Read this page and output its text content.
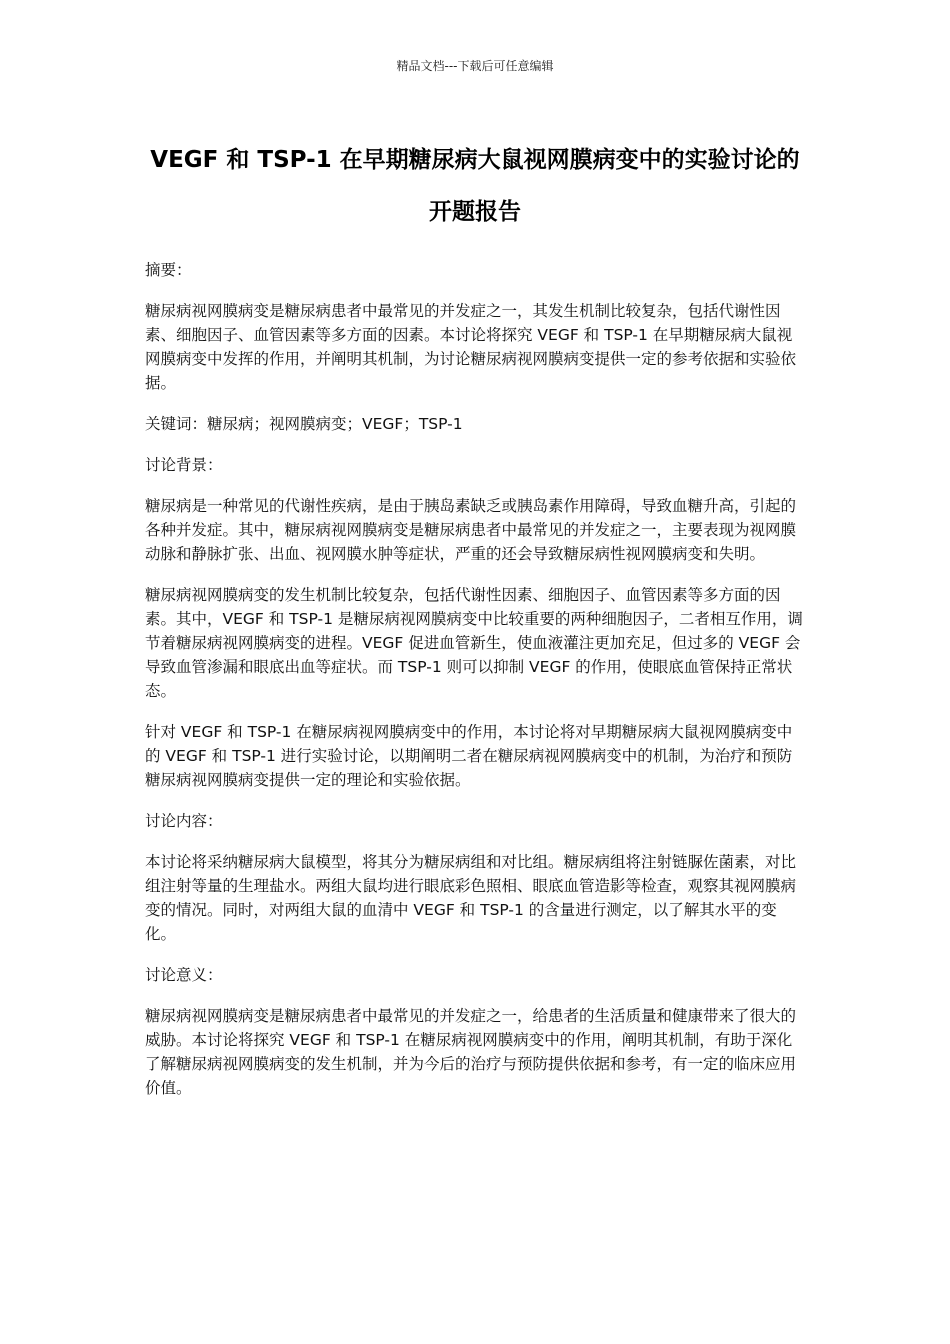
精品文档---下载后可任意编辑
VEGF 和 TSP-1 在早期糖尿病大鼠视网膜病变中的实验讨论的开题报告

摘要：

糖尿病视网膜病变是糖尿病患者中最常见的并发症之一，其发生机制比较复杂，包括代谢性因素、细胞因子、血管因素等多方面的因素。本讨论将探究 VEGF 和 TSP-1 在早期糖尿病大鼠视网膜病变中发挥的作用，并阐明其机制，为讨论糖尿病视网膜病变提供一定的参考依据和实验依据。

关键词：糖尿病；视网膜病变；VEGF；TSP-1

讨论背景：

糖尿病是一种常见的代谢性疾病，是由于胰岛素缺乏或胰岛素作用障碍，导致血糖升高，引起的各种并发症。其中，糖尿病视网膜病变是糖尿病患者中最常见的并发症之一，主要表现为视网膜动脉和静脉扩张、出血、视网膜水肿等症状，严重的还会导致糖尿病性视网膜病变和失明。

糖尿病视网膜病变的发生机制比较复杂，包括代谢性因素、细胞因子、血管因素等多方面的因素。其中，VEGF 和 TSP-1 是糖尿病视网膜病变中比较重要的两种细胞因子，二者相互作用，调节着糖尿病视网膜病变的进程。VEGF 促进血管新生，使血液灌注更加充足，但过多的 VEGF 会导致血管渗漏和眼底出血等症状。而 TSP-1 则可以抑制 VEGF 的作用，使眼底血管保持正常状态。

针对 VEGF 和 TSP-1 在糖尿病视网膜病变中的作用，本讨论将对早期糖尿病大鼠视网膜病变中的 VEGF 和 TSP-1 进行实验讨论，以期阐明二者在糖尿病视网膜病变中的机制，为治疗和预防糖尿病视网膜病变提供一定的理论和实验依据。

讨论内容：

本讨论将采纳糖尿病大鼠模型，将其分为糖尿病组和对比组。糖尿病组将注射链脲佐菌素，对比组注射等量的生理盐水。两组大鼠均进行眼底彩色照相、眼底血管造影等检查，观察其视网膜病变的情况。同时，对两组大鼠的血清中 VEGF 和 TSP-1 的含量进行测定，以了解其水平的变化。

讨论意义：

糖尿病视网膜病变是糖尿病患者中最常见的并发症之一，给患者的生活质量和健康带来了很大的威胁。本讨论将探究 VEGF 和 TSP-1 在糖尿病视网膜病变中的作用，阐明其机制，有助于深化了解糖尿病视网膜病变的发生机制，并为今后的治疗与预防提供依据和参考，有一定的临床应用价值。
